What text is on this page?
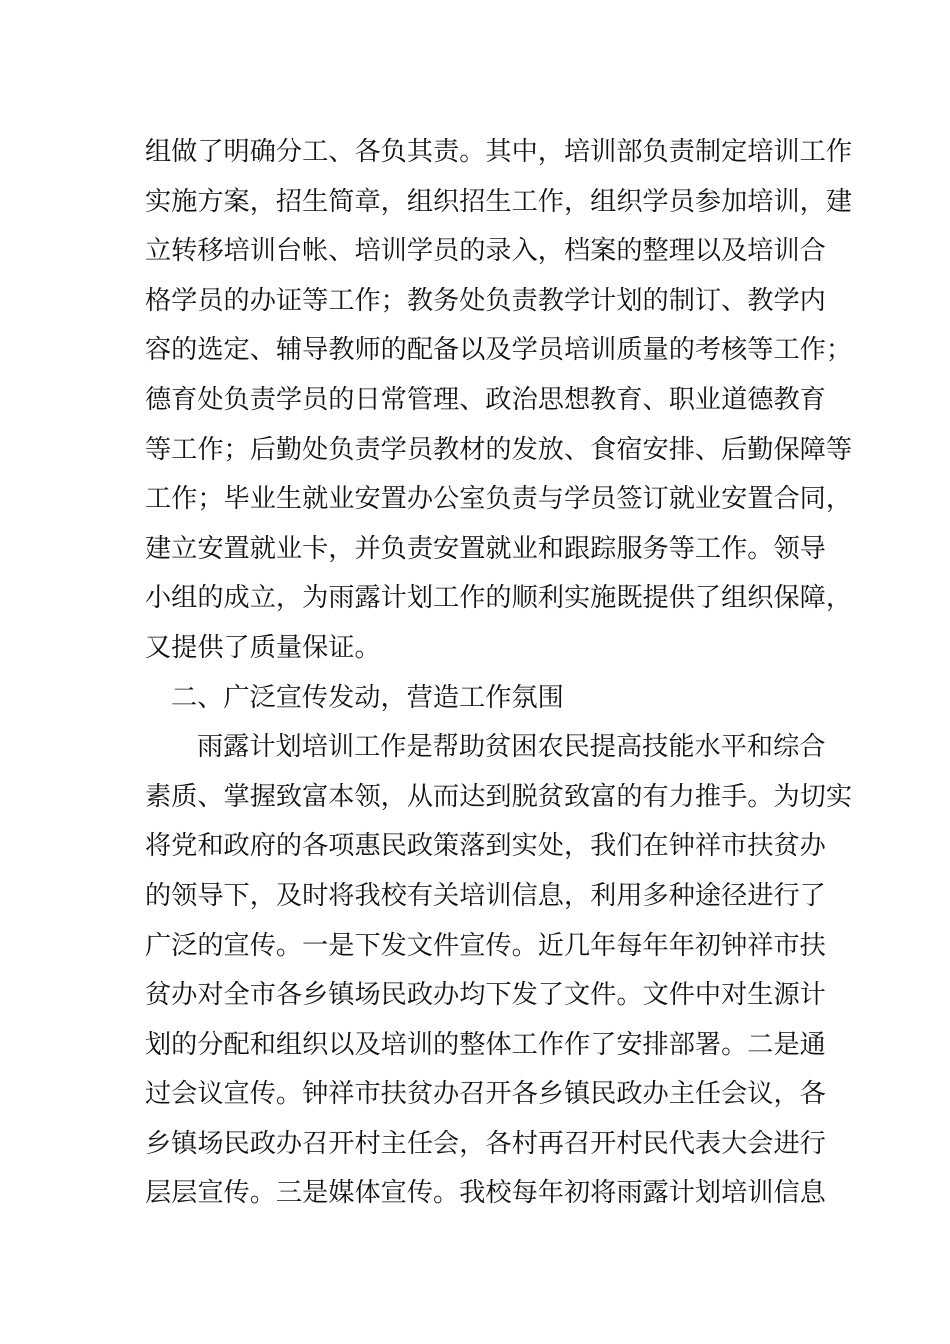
组做了明确分工、各负其责。其中，培训部负责制定培训工作
实施方案，招生简章，组织招生工作，组织学员参加培训，建
立转移培训台帐、培训学员的录入，档案的整理以及培训合
格学员的办证等工作；教务处负责教学计划的制订、教学内
容的选定、辅导教师的配备以及学员培训质量的考核等工作；
德育处负责学员的日常管理、政治思想教育、职业道德教育
等工作；后勤处负责学员教材的发放、食宿安排、后勤保障等
工作；毕业生就业安置办公室负责与学员签订就业安置合同，
建立安置就业卡，并负责安置就业和跟踪服务等工作。领导
小组的成立，为雨露计划工作的顺利实施既提供了组织保障，
又提供了质量保证。
二、广泛宣传发动，营造工作氛围
雨露计划培训工作是帮助贫困农民提高技能水平和综合
素质、掌握致富本领，从而达到脱贫致富的有力推手。为切实
将党和政府的各项惠民政策落到实处，我们在钟祥市扶贫办
的领导下，及时将我校有关培训信息，利用多种途径进行了
广泛的宣传。一是下发文件宣传。近几年每年年初钟祥市扶
贫办对全市各乡镇场民政办均下发了文件。文件中对生源计
划的分配和组织以及培训的整体工作作了安排部署。二是通
过会议宣传。钟祥市扶贫办召开各乡镇民政办主任会议，各
乡镇场民政办召开村主任会，各村再召开村民代表大会进行
层层宣传。三是媒体宣传。我校每年初将雨露计划培训信息
